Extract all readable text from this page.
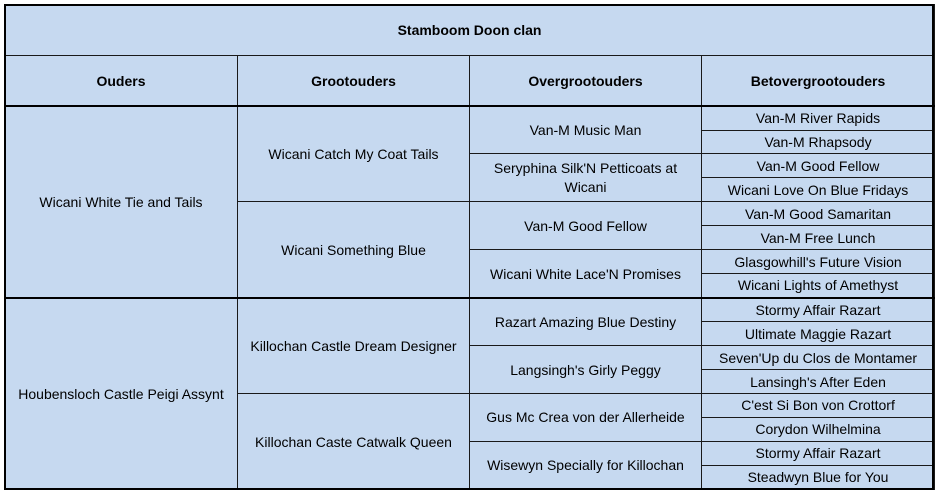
Stamboom Doon clan			
Ouders	Grootouders	Overgrootouders	Betovergrootouders
Wicani White Tie and Tails	Wicani Catch My Coat Tails	Van-M Music Man	Van-M River Rapids
			Van-M Rhapsody
		Seryphina Silk'N Petticoats at Wicani	Van-M Good Fellow
			Wicani Love On Blue Fridays
	Wicani Something Blue	Van-M Good Fellow	Van-M Good Samaritan
			Van-M Free Lunch
		Wicani White Lace'N Promises	Glasgowhill's Future Vision
			Wicani Lights of Amethyst
Houbensloch Castle Peigi Assynt	Killochan Castle Dream Designer	Razart Amazing Blue Destiny	Stormy Affair Razart
			Ultimate Maggie Razart
		Langsingh's Girly Peggy	Seven'Up du Clos de Montamer
			Lansingh's After Eden
	Killochan Caste Catwalk Queen	Gus Mc Crea von der Allerheide	C'est Si Bon von Crottorf
			Corydon Wilhelmina
		Wisewyn Specially for Killochan	Stormy Affair Razart
			Steadwyn Blue for You
